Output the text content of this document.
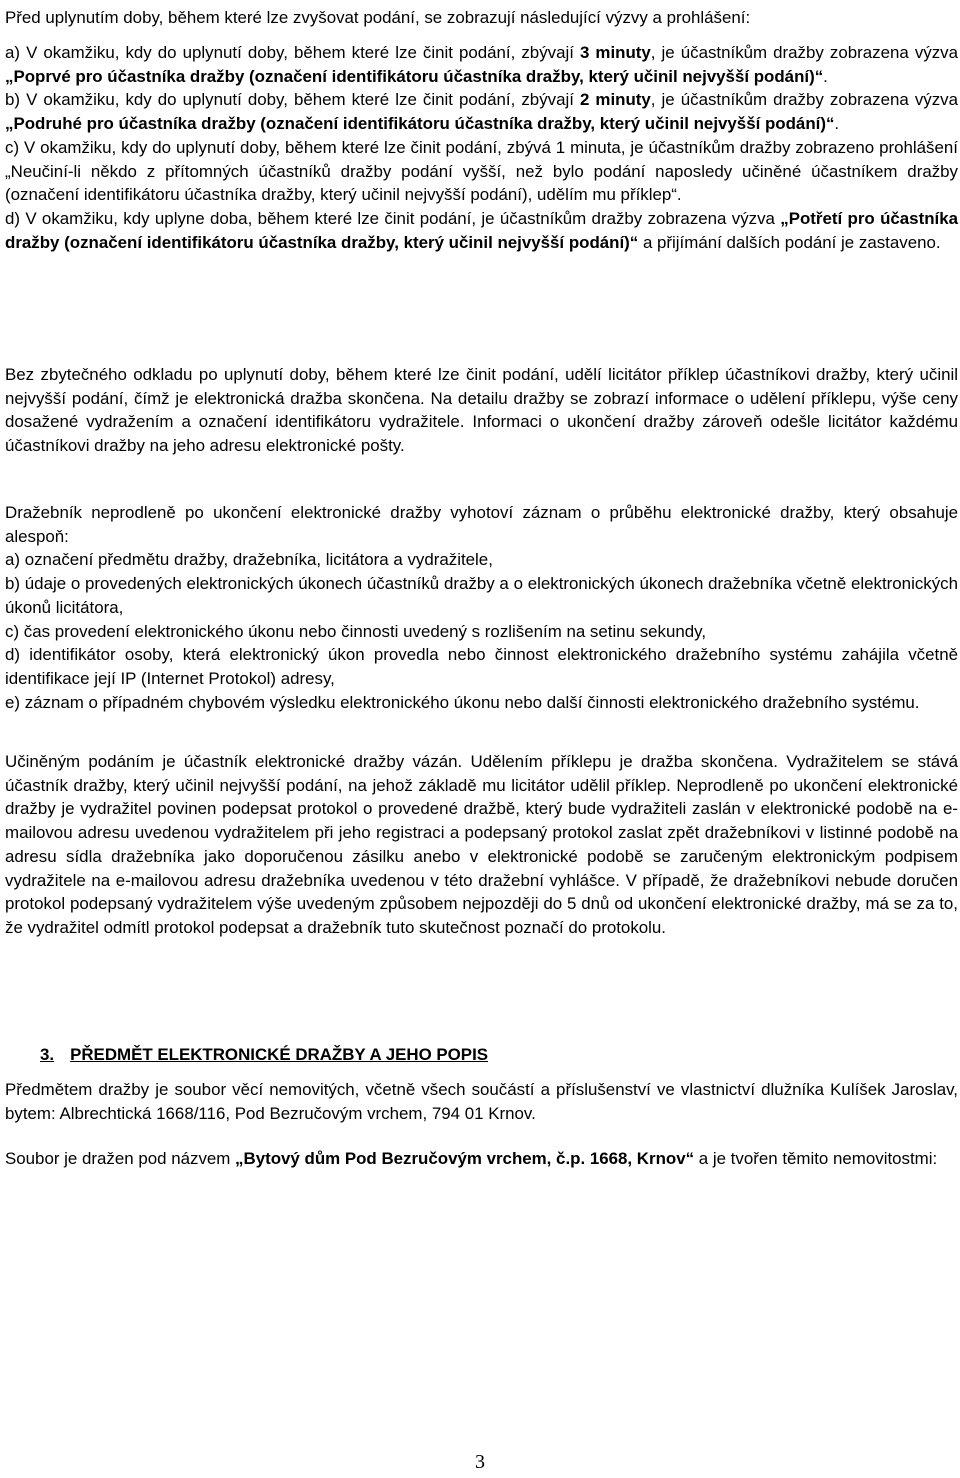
Před uplynutím doby, během které lze zvyšovat podání, se zobrazují následující výzvy a prohlášení:

a) V okamžiku, kdy do uplynutí doby, během které lze činit podání, zbývají 3 minuty, je účastníkům dražby zobrazena výzva „Poprvé pro účastníka dražby (označení identifikátoru účastníka dražby, který učinil nejvyšší podání)“.

b) V okamžiku, kdy do uplynutí doby, během které lze činit podání, zbývají 2 minuty, je účastníkům dražby zobrazena výzva „Podruhé pro účastníka dražby (označení identifikátoru účastníka dražby, který učinil nejvyšší podání)“.

c) V okamžiku, kdy do uplynutí doby, během které lze činit podání, zbývá 1 minuta, je účastníkům dražby zobrazeno prohlášení „Neučiní-li někdo z přítomných účastníků dražby podání vyšší, než bylo podání naposledy učiněné účastníkem dražby (označení identifikátoru účastníka dražby, který učinil nejvyšší podání), udělím mu příklep“.

d) V okamžiku, kdy uplyne doba, během které lze činit podání, je účastníkům dražby zobrazena výzva „Potřetí pro účastníka dražby (označení identifikátoru účastníka dražby, který učinil nejvyšší podání)“ a přijímání dalších podání je zastaveno.

Bez zbytečného odkladu po uplynutí doby, během které lze činit podání, udělí licitátor příklep účastníkovi dražby, který učinil nejvyšší podání, čímž je elektronická dražba skončena. Na detailu dražby se zobrazí informace o udělení příklepu, výše ceny dosažené vydražením a označení identifikátoru vydražitele. Informaci o ukončení dražby zároveň odešle licitátor každému účastníkovi dražby na jeho adresu elektronické pošty.

Dražebník neprodleně po ukončení elektronické dražby vyhotoví záznam o průběhu elektronické dražby, který obsahuje alespoň:

a) označení předmětu dražby, dražebníka, licitátora a vydražitele,

b) údaje o provedených elektronických úkonech účastníků dražby a o elektronických úkonech dražebníka včetně elektronických úkonů licitátora,

c) čas provedení elektronického úkonu nebo činnosti uvedený s rozlišením na setinu sekundy,

d) identifikátor osoby, která elektronický úkon provedla nebo činnost elektronického dražebního systému zahájila včetně identifikace její IP (Internet Protokol) adresy,

e) záznam o případném chybovém výsledku elektronického úkonu nebo další činnosti elektronického dražebního systému.

Učiněným podáním je účastník elektronické dražby vázán. Udělením příklepu je dražba skončena. Vydražitelem se stává účastník dražby, který učinil nejvyšší podání, na jehož základě mu licitátor udělil příklep. Neprodleně po ukončení elektronické dražby je vydražitel povinen podepsat protokol o provedené dražbě, který bude vydražiteli zaslán v elektronické podobě na e-mailovou adresu uvedenou vydražitelem při jeho registraci a podepsaný protokol zaslat zpět dražebníkovi v listinné podobě na adresu sídla dražebníka jako doporučenou zásilku anebo v elektronické podobě se zaručeným elektronickým podpisem vydražitele na e-mailovou adresu dražebníka uvedenou v této dražební vyhlášce. V případě, že dražebníkovi nebude doručen protokol podepsaný vydražitelem výše uvedeným způsobem nejpozději do 5 dnů od ukončení elektronické dražby, má se za to, že vydražitel odmítl protokol podepsat a dražebník tuto skutečnost poznačí do protokolu.

3. PŘEDMĚT ELEKTRONICKÉ DRAŽBY A JEHO POPIS

Předmětem dražby je soubor věcí nemovitých, včetně všech součástí a příslušenství ve vlastnictví dlužníka Kulíšek Jaroslav, bytem: Albrechtická 1668/116, Pod Bezručovým vrchem, 794 01 Krnov.

Soubor je dražen pod názvem „Bytový dům Pod Bezručovým vrchem, č.p. 1668, Krnov“ a je tvořen těmito nemovitostmi:

3
